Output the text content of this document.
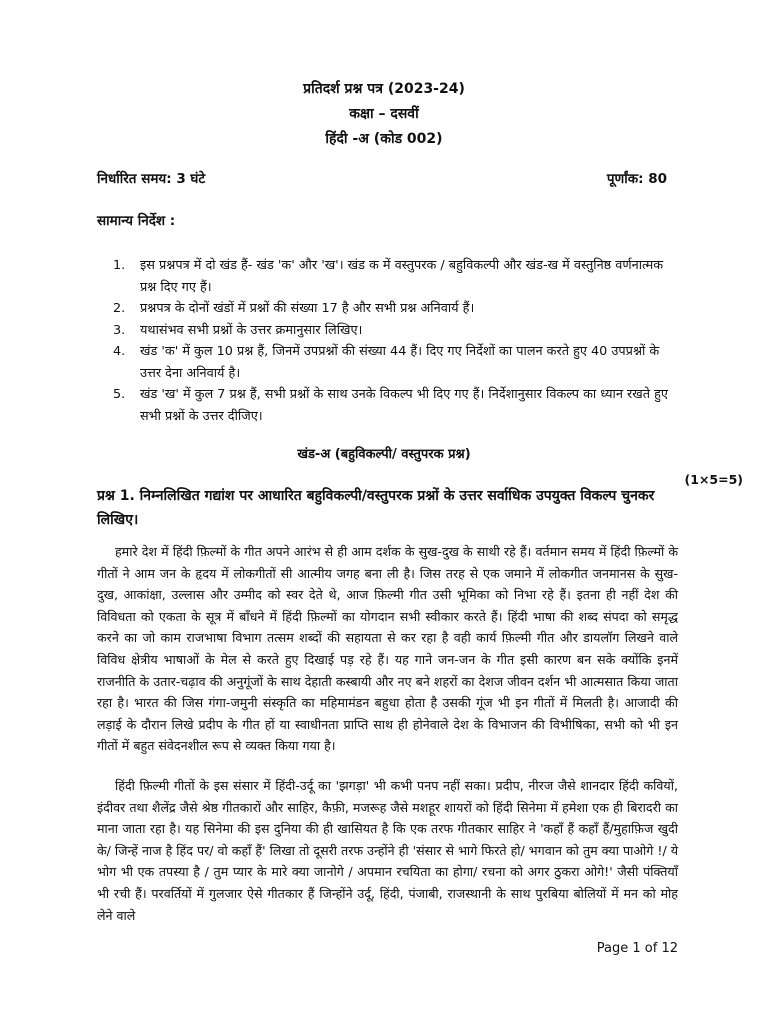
प्रतिदर्श प्रश्न पत्र (2023-24)
कक्षा – दसवीं
हिंदी -अ (कोड 002)
निर्धारित समय: 3 घंटे	पूर्णांक: 80
सामान्य निर्देश :
1. इस प्रश्नपत्र में दो खंड हैं- खंड 'क' और 'ख'। खंड क में वस्तुपरक / बहुविकल्पी और खंड-ख में वस्तुनिष्ठ वर्णनात्मक प्रश्न दिए गए हैं।
2. प्रश्नपत्र के दोनों खंडों में प्रश्नों की संख्या 17 है और सभी प्रश्न अनिवार्य हैं।
3. यथासंभव सभी प्रश्नों के उत्तर क्रमानुसार लिखिए।
4. खंड 'क' में कुल 10 प्रश्न हैं, जिनमें उपप्रश्नों की संख्या 44 हैं। दिए गए निर्देशों का पालन करते हुए 40 उपप्रश्नों के उत्तर देना अनिवार्य है।
5. खंड 'ख' में कुल 7 प्रश्न हैं, सभी प्रश्नों के साथ उनके विकल्प भी दिए गए हैं। निर्देशानुसार विकल्प का ध्यान रखते हुए सभी प्रश्नों के उत्तर दीजिए।
खंड-अ (बहुविकल्पी/ वस्तुपरक प्रश्न)
(1×5=5)

प्रश्न 1. निम्नलिखित गद्यांश पर आधारित बहुविकल्पी/वस्तुपरक प्रश्नों के उत्तर सर्वाधिक उपयुक्त विकल्प चुनकर लिखिए।

हमारे देश में हिंदी फ़िल्मों के गीत अपने आरंभ से ही आम दर्शक के सुख-दुख के साथी रहे हैं। वर्तमान समय में हिंदी फ़िल्मों के गीतों ने आम जन के हृदय में लोकगीतों सी आत्मीय जगह बना ली है। जिस तरह से एक जमाने में लोकगीत जनमानस के सुख-दुख, आकांक्षा, उल्लास और उम्मीद को स्वर देते थे, आज फ़िल्मी गीत उसी भूमिका को निभा रहे हैं। इतना ही नहीं देश की विविधता को एकता के सूत्र में बाँधने में हिंदी फ़िल्मों का योगदान सभी स्वीकार करते हैं। हिंदी भाषा की शब्द संपदा को समृद्ध करने का जो काम राजभाषा विभाग तत्सम शब्दों की सहायता से कर रहा है वही कार्य फ़िल्मी गीत और डायलॉग लिखने वाले विविध क्षेत्रीय भाषाओं के मेल से करते हुए दिखाई पड़ रहे हैं। यह गाने जन-जन के गीत इसी कारण बन सके क्योंकि इनमें राजनीति के उतार-चढ़ाव की अनुगूंजों के साथ देहाती कस्बायी और नए बने शहरों का देशज जीवन दर्शन भी आत्मसात किया जाता रहा है। भारत की जिस गंगा-जमुनी संस्कृति का महिमामंडन बहुधा होता है उसकी गूंज भी इन गीतों में मिलती है। आजादी की लड़ाई के दौरान लिखे प्रदीप के गीत हों या स्वाधीनता प्राप्ति साथ ही होनेवाले देश के विभाजन की विभीषिका, सभी को भी इन गीतों में बहुत संवेदनशील रूप से व्यक्त किया गया है।

हिंदी फ़िल्मी गीतों के इस संसार में हिंदी-उर्दू का 'झगड़ा' भी कभी पनप नहीं सका। प्रदीप, नीरज जैसे शानदार हिंदी कवियों, इंदीवर तथा शैलेंद्र जैसे श्रेष्ठ गीतकारों और साहिर, कैफ़ी, मजरूह जैसे मशहूर शायरों को हिंदी सिनेमा में हमेशा एक ही बिरादरी का माना जाता रहा है। यह सिनेमा की इस दुनिया की ही खासियत है कि एक तरफ गीतकार साहिर ने 'कहाँ हैं कहाँ हैं/मुहाफ़िज खुदी के/ जिन्हें नाज है हिंद पर/ वो कहाँ हैं' लिखा तो दूसरी तरफ उन्होंने ही 'संसार से भागे फिरते हो/ भगवान को तुम क्या पाओगे !/ ये भोग भी एक तपस्या है / तुम प्यार के मारे क्या जानोगे / अपमान रचयिता का होगा/ रचना को अगर ठुकरा ओगे!' जैसी पंक्तियाँ भी रची हैं। परवर्तियों में गुलजार ऐसे गीतकार हैं जिन्होंने उर्दू, हिंदी, पंजाबी, राजस्थानी के साथ पुरबिया बोलियों में मन को मोह लेने वाले

Page 1 of 12
